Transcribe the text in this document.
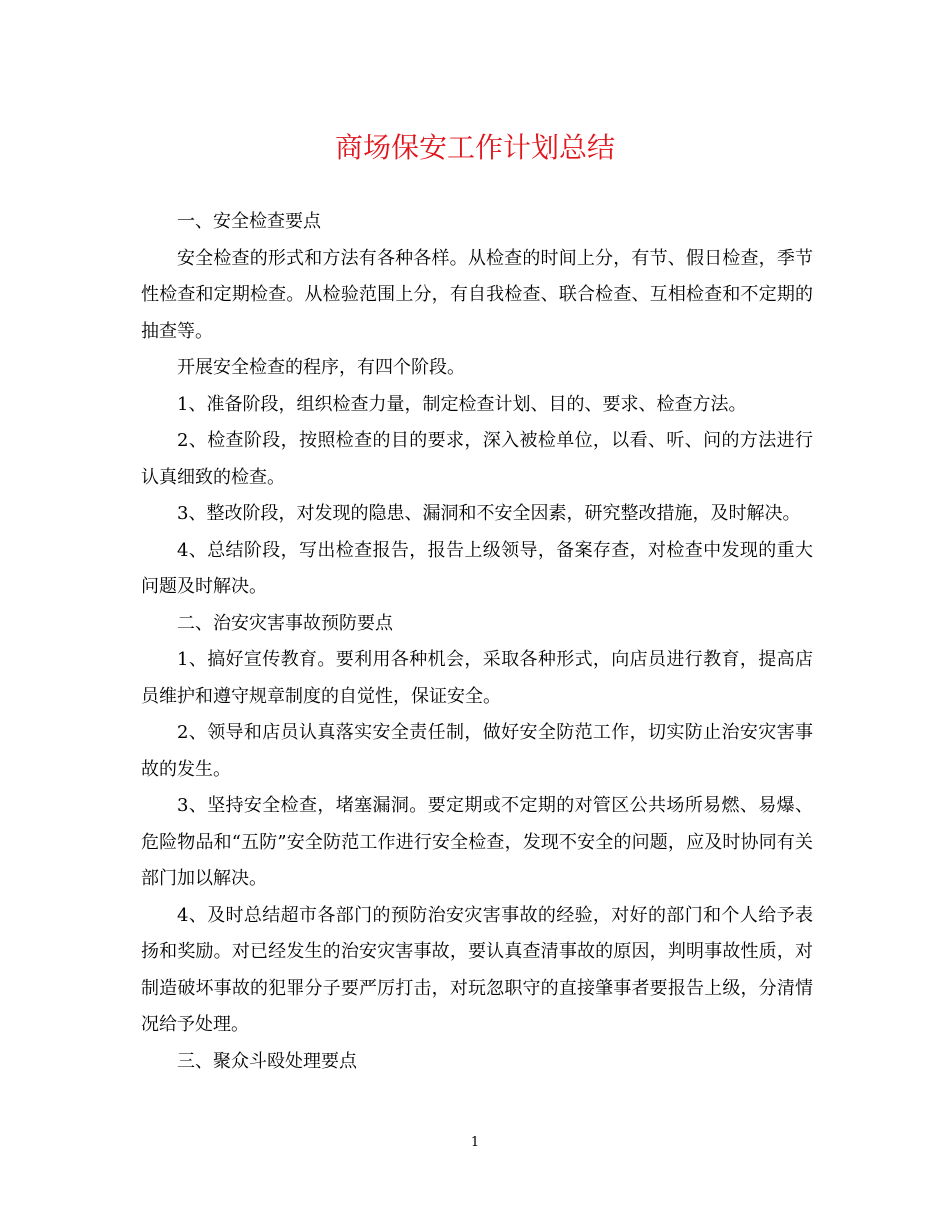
商场保安工作计划总结

一、安全检查要点

安全检查的形式和方法有各种各样。从检查的时间上分，有节、假日检查，季节性检查和定期检查。从检验范围上分，有自我检查、联合检查、互相检查和不定期的抽查等。

开展安全检查的程序，有四个阶段。

1、准备阶段，组织检查力量，制定检查计划、目的、要求、检查方法。

2、检查阶段，按照检查的目的要求，深入被检单位，以看、听、问的方法进行认真细致的检查。

3、整改阶段，对发现的隐患、漏洞和不安全因素，研究整改措施，及时解决。

4、总结阶段，写出检查报告，报告上级领导，备案存查，对检查中发现的重大问题及时解决。

二、治安灾害事故预防要点

1、搞好宣传教育。要利用各种机会，采取各种形式，向店员进行教育，提高店员维护和遵守规章制度的自觉性，保证安全。

2、领导和店员认真落实安全责任制，做好安全防范工作，切实防止治安灾害事故的发生。

3、坚持安全检查，堵塞漏洞。要定期或不定期的对管区公共场所易燃、易爆、危险物品和“五防”安全防范工作进行安全检查，发现不安全的问题，应及时协同有关部门加以解决。

4、及时总结超市各部门的预防治安灾害事故的经验，对好的部门和个人给予表扬和奖励。对已经发生的治安灾害事故，要认真查清事故的原因，判明事故性质，对制造破坏事故的犯罪分子要严厉打击，对玩忽职守的直接肇事者要报告上级，分清情况给予处理。

三、聚众斗殴处理要点

1
